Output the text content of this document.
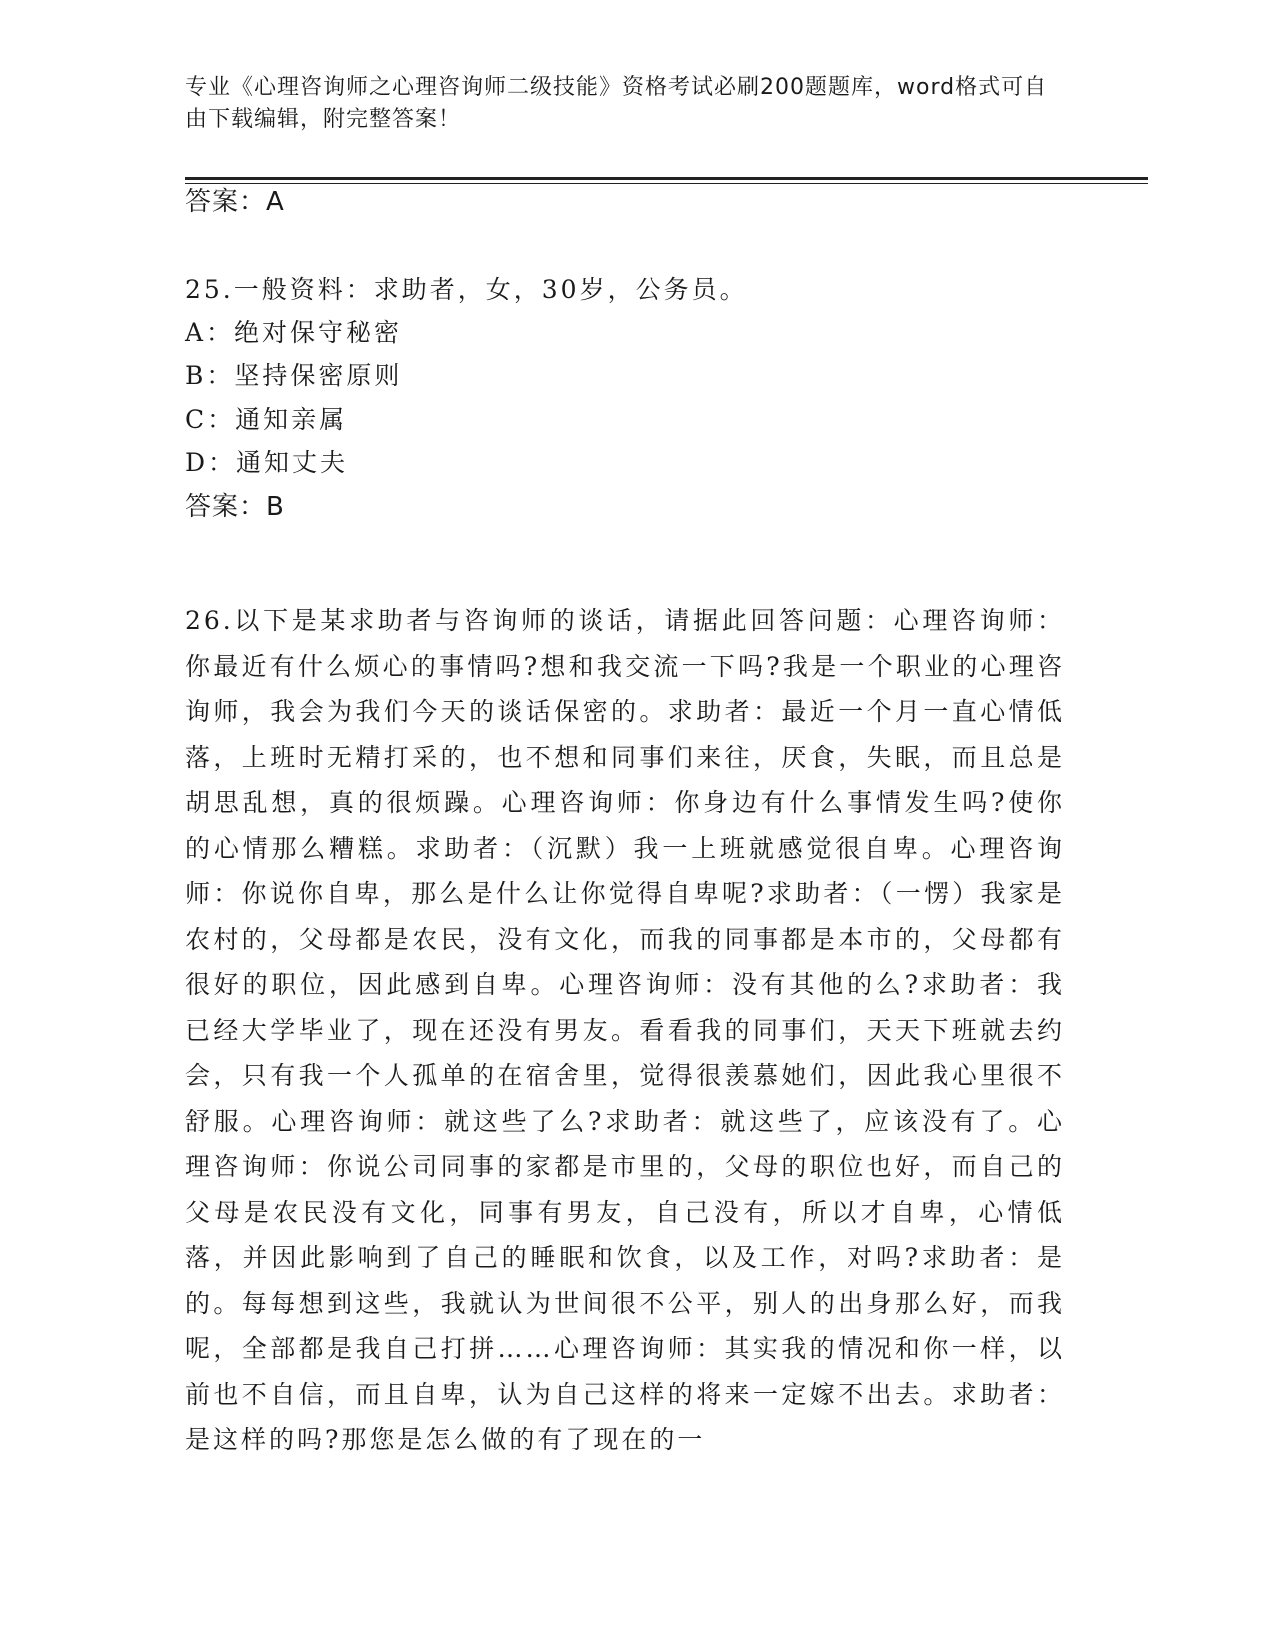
专业《心理咨询师之心理咨询师二级技能》资格考试必刷200题题库，word格式可自由下载编辑，附完整答案！
答案：A
25.一般资料：求助者，女，30岁，公务员。
A：绝对保守秘密
B：坚持保密原则
C：通知亲属
D：通知丈夫
答案：B
26.以下是某求助者与咨询师的谈话，请据此回答问题：心理咨询师：你最近有什么烦心的事情吗?想和我交流一下吗?我是一个职业的心理咨询师，我会为我们今天的谈话保密的。求助者：最近一个月一直心情低落，上班时无精打采的，也不想和同事们来往，厌食，失眠，而且总是胡思乱想，真的很烦躁。心理咨询师：你身边有什么事情发生吗?使你的心情那么糟糕。求助者：（沉默）我一上班就感觉很自卑。心理咨询师：你说你自卑，那么是什么让你觉得自卑呢?求助者：（一愣）我家是农村的，父母都是农民，没有文化，而我的同事都是本市的，父母都有很好的职位，因此感到自卑。心理咨询师：没有其他的么?求助者：我已经大学毕业了，现在还没有男友。看看我的同事们，天天下班就去约会，只有我一个人孤单的在宿舍里，觉得很羡慕她们，因此我心里很不舒服。心理咨询师：就这些了么?求助者：就这些了，应该没有了。心理咨询师：你说公司同事的家都是市里的，父母的职位也好，而自己的父母是农民没有文化，同事有男友，自己没有，所以才自卑，心情低落，并因此影响到了自己的睡眠和饮食，以及工作，对吗?求助者：是的。每每想到这些，我就认为世间很不公平，别人的出身那么好，而我呢，全部都是我自己打拼……心理咨询师：其实我的情况和你一样，以前也不自信，而且自卑，认为自己这样的将来一定嫁不出去。求助者：是这样的吗?那您是怎么做的有了现在的一
